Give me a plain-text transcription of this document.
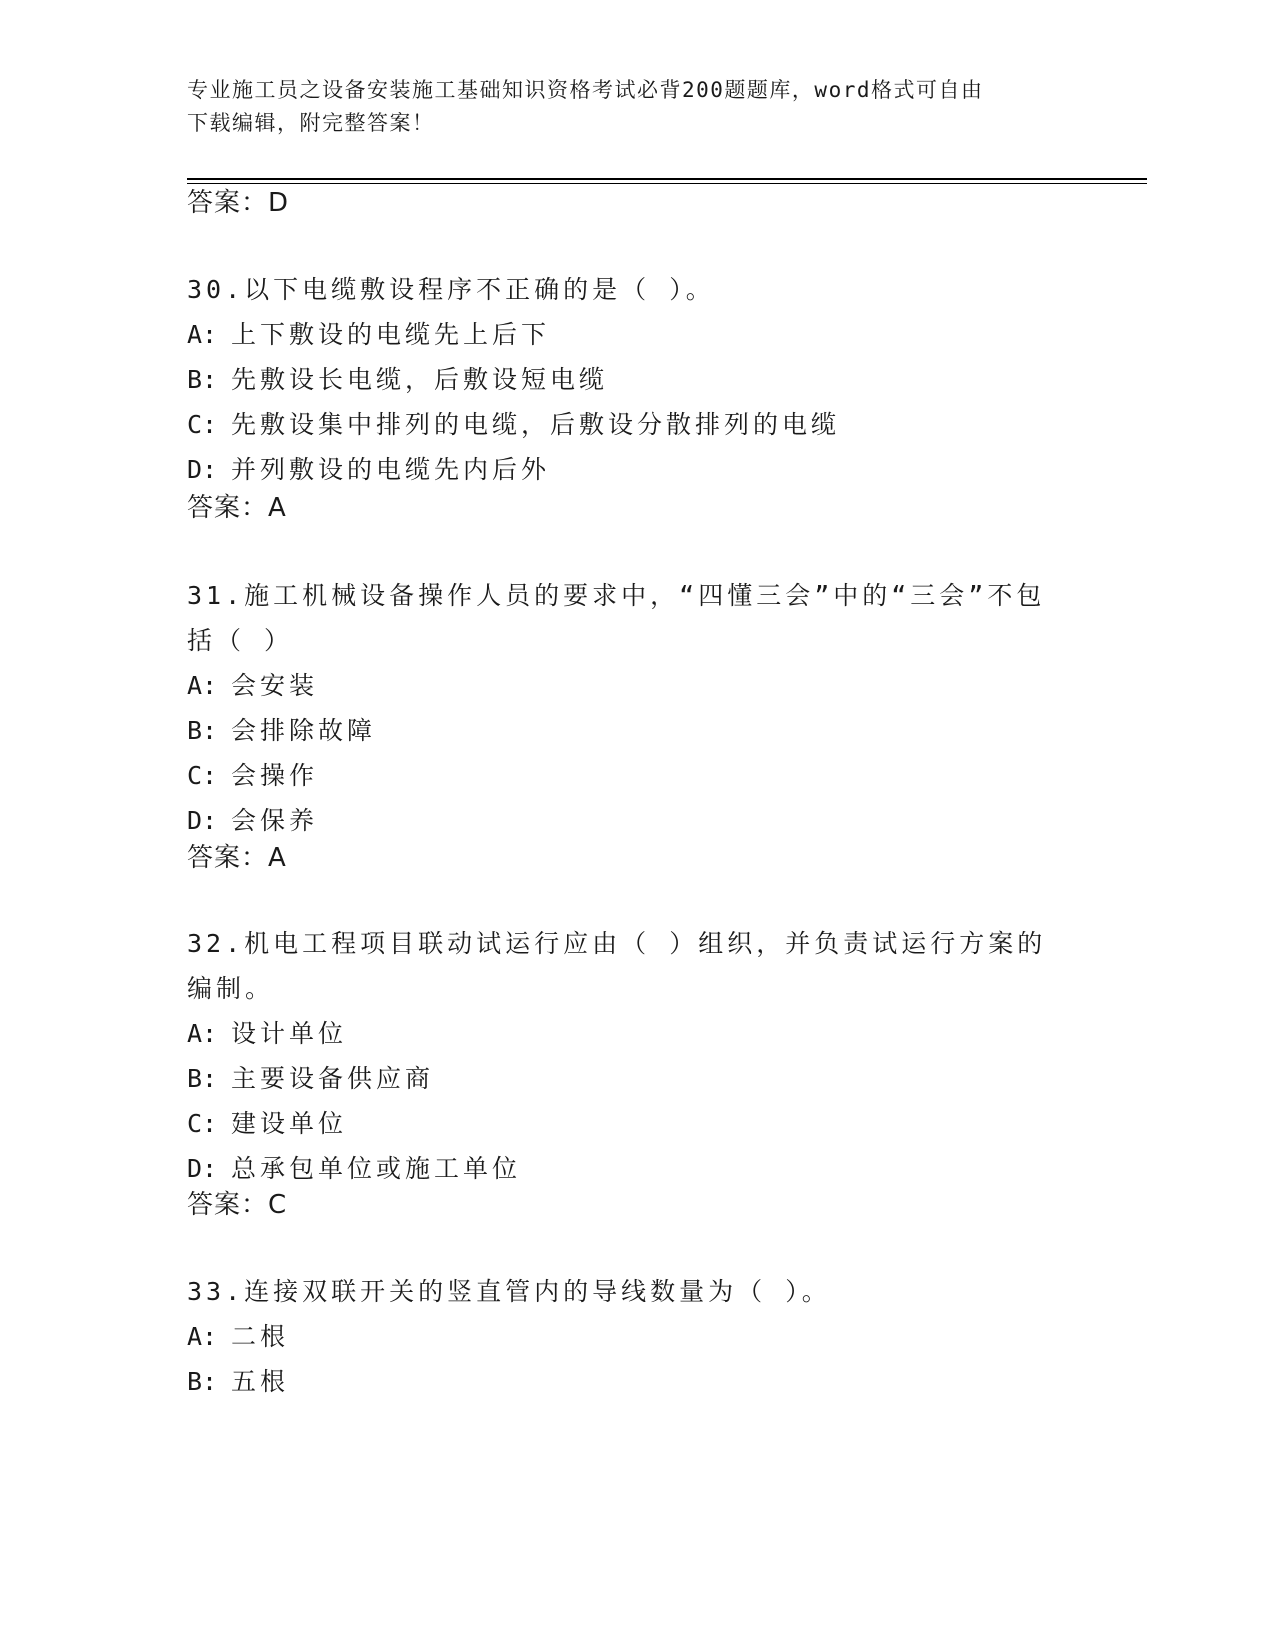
专业施工员之设备安装施工基础知识资格考试必背200题题库，word格式可自由
下载编辑，附完整答案！
答案：D

30.以下电缆敷设程序不正确的是（ ）。

A: 上下敷设的电缆先上后下

B: 先敷设长电缆，后敷设短电缆

C: 先敷设集中排列的电缆，后敷设分散排列的电缆

D: 并列敷设的电缆先内后外

答案：A

31.施工机械设备操作人员的要求中，“四懂三会”中的“三会”不包括（ ）

A: 会安装

B: 会排除故障

C: 会操作

D: 会保养

答案：A

32.机电工程项目联动试运行应由（ ）组织，并负责试运行方案的编制。

A: 设计单位

B: 主要设备供应商

C: 建设单位

D: 总承包单位或施工单位

答案：C

33.连接双联开关的竖直管内的导线数量为（ ）。

A: 二根

B: 五根
